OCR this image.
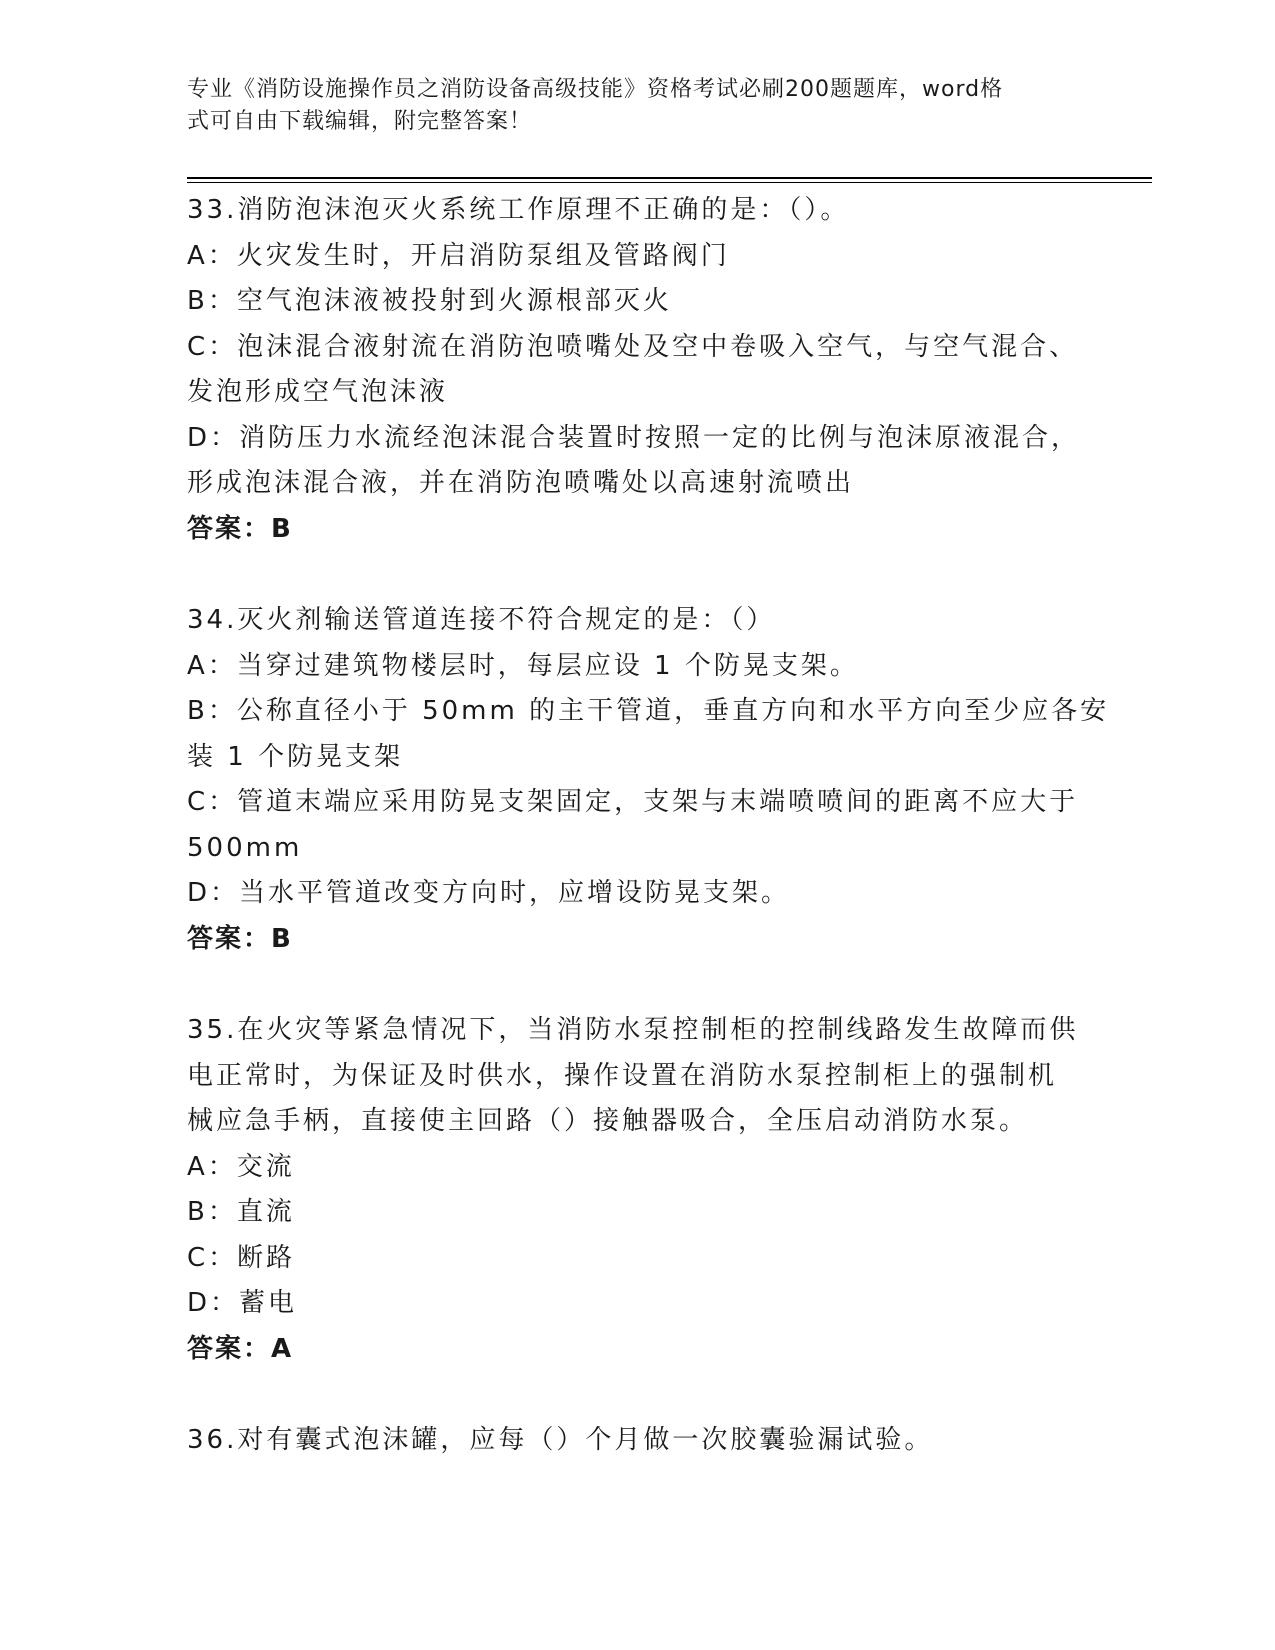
专业《消防设施操作员之消防设备高级技能》资格考试必刷200题题库，word格
式可自由下载编辑，附完整答案！
33.消防泡沫泡灭火系统工作原理不正确的是：（）。
A：火灾发生时，开启消防泵组及管路阀门
B：空气泡沫液被投射到火源根部灭火
C：泡沫混合液射流在消防泡喷嘴处及空中卷吸入空气，与空气混合、
发泡形成空气泡沫液
D：消防压力水流经泡沫混合装置时按照一定的比例与泡沫原液混合，
形成泡沫混合液，并在消防泡喷嘴处以高速射流喷出
答案：B
34.灭火剂输送管道连接不符合规定的是：（）
A：当穿过建筑物楼层时，每层应设 1 个防晃支架。
B：公称直径小于 50mm 的主干管道，垂直方向和水平方向至少应各安
装 1 个防晃支架
C：管道末端应采用防晃支架固定，支架与末端喷喷间的距离不应大于
500mm
D：当水平管道改变方向时，应增设防晃支架。
答案：B
35.在火灾等紧急情况下，当消防水泵控制柜的控制线路发生故障而供
电正常时，为保证及时供水，操作设置在消防水泵控制柜上的强制机
械应急手柄，直接使主回路（）接触器吸合，全压启动消防水泵。
A：交流
B：直流
C：断路
D：蓄电
答案：A
36.对有囊式泡沫罐，应每（）个月做一次胶囊验漏试验。
